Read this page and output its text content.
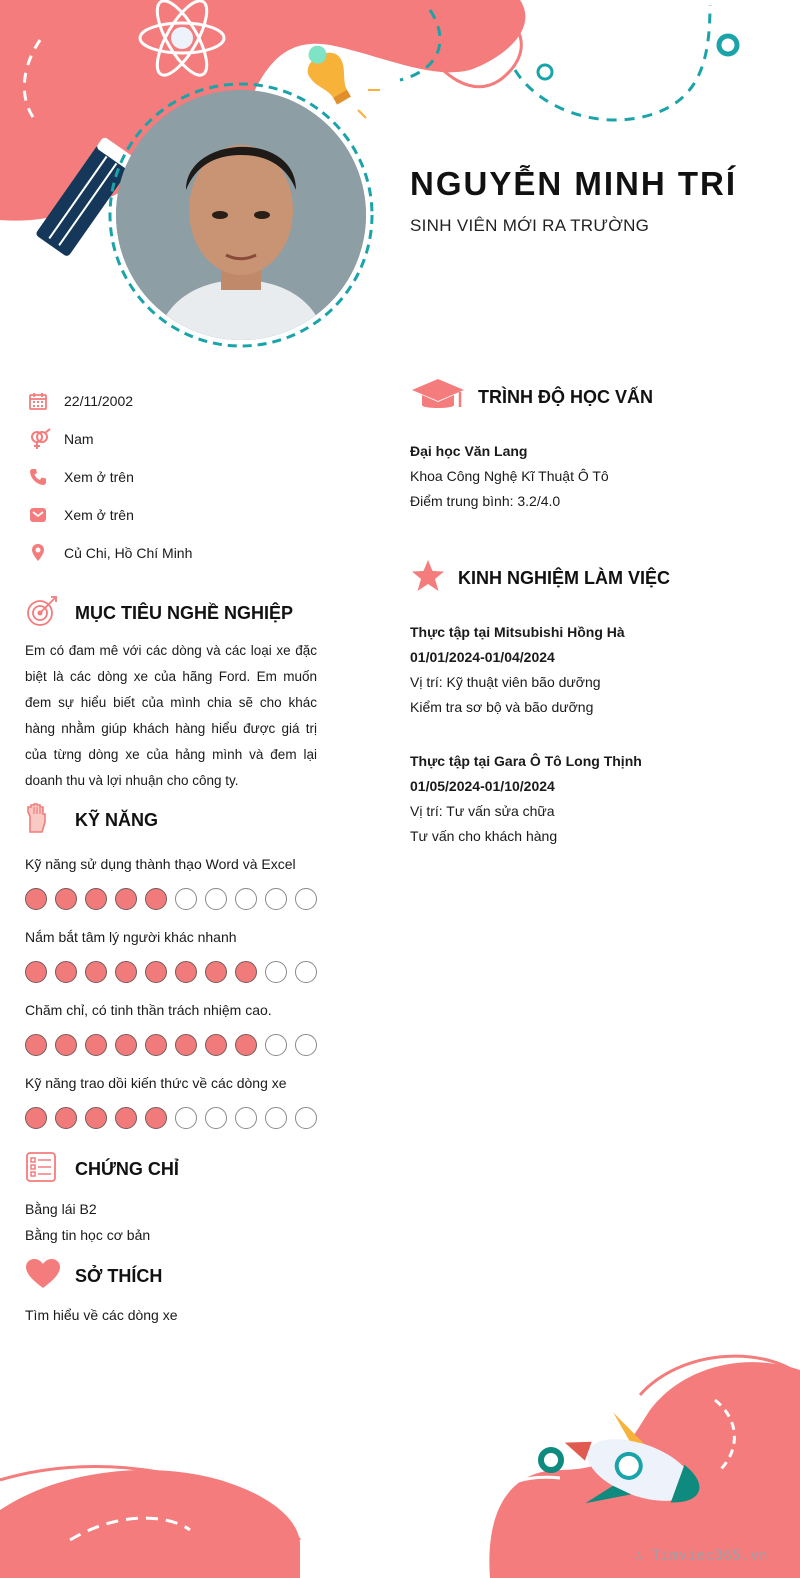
NGUYỄN MINH TRÍ
SINH VIÊN MỚI RA TRƯỜNG
22/11/2002
Nam
Xem ở trên
Xem ở trên
Củ Chi, Hồ Chí Minh
MỤC TIÊU NGHỀ NGHIỆP
Em có đam mê với các dòng và các loại xe đặc biệt là các dòng xe của hãng Ford. Em muốn đem sự hiểu biết của mình chia sẽ cho khác hàng nhằm giúp khách hàng hiểu được giá trị của từng dòng xe của hảng mình và đem lại doanh thu và lợi nhuận cho công ty.
KỸ NĂNG
Kỹ năng sử dụng thành thạo Word và Excel
Nắm bắt tâm lý người khác nhanh
Chăm chỉ, có tinh thần trách nhiệm cao.
Kỹ năng trao dồi kiến thức về các dòng xe
CHỨNG CHỈ
Bằng lái B2
Bằng tin học cơ bản
SỞ THÍCH
Tìm hiểu về các dòng xe
TRÌNH ĐỘ HỌC VẤN
Đại học Văn Lang
Khoa Công Nghệ Kĩ Thuật Ô Tô
Điểm trung bình: 3.2/4.0
KINH NGHIỆM LÀM VIỆC
Thực tập tại Mitsubishi Hồng Hà
01/01/2024-01/04/2024
Vị trí: Kỹ thuật viên bão dưỡng
Kiểm tra sơ bộ và bão dưỡng
Thực tập tại Gara Ô Tô Long Thịnh
01/05/2024-01/10/2024
Vị trí: Tư vấn sửa chữa
Tư vấn cho khách hàng
∴ Timviec365.vn
